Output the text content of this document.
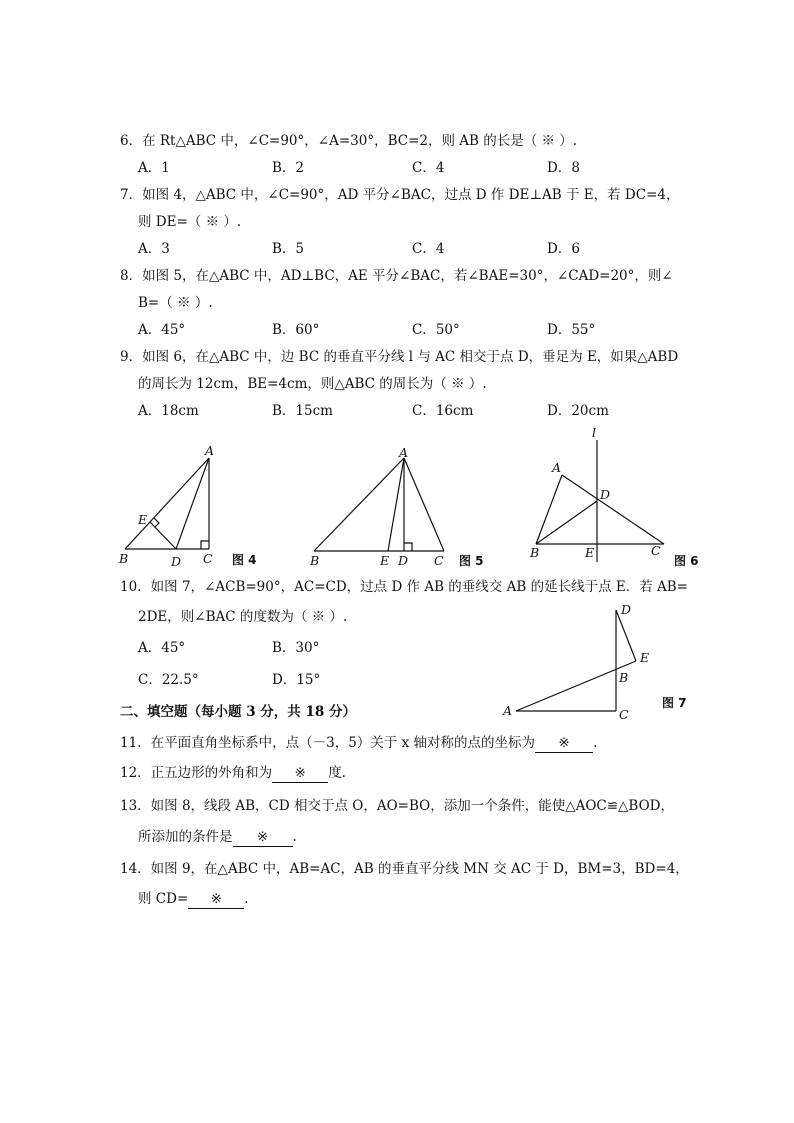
6．在 Rt△ABC 中，∠C=90°，∠A=30°，BC=2，则 AB 的长是（ ※ ）.
A．1	B．2	C．4	D．8
7．如图 4，△ABC 中，∠C=90°，AD 平分∠BAC，过点 D 作 DE⊥AB 于 E，若 DC=4，
则 DE=（ ※ ）.
A．3	B．5	C．4	D．6
8．如图 5，在△ABC 中，AD⊥BC，AE 平分∠BAC，若∠BAE=30°，∠CAD=20°，则∠
B=（ ※ ）.
A．45°	B．60°	C．50°	D．55°
9．如图 6，在△ABC 中，边 BC 的垂直平分线 l 与 AC 相交于点 D，垂足为 E，如果△ABD
的周长为 12cm，BE=4cm，则△ABC 的周长为（ ※ ）.
A．18cm	B．15cm	C．16cm	D．20cm
A
B	C
D
E
图 4
A
B	E D C 图 5
l
A
D
B	E	C
图 6
D
E
B
A	C
图 7
10．如图 7，∠ACB=90°，AC=CD，过点 D 作 AB 的垂线交 AB 的延长线于点 E．若 AB=
2DE，则∠BAC 的度数为（ ※ ）.
A．45°	B．30°
C．22.5°	D．15°
二、填空题（每小题 3 分，共 18 分）
11．在平面直角坐标系中，点（－3，5）关于 x 轴对称的点的坐标为 ※ .
12．正五边形的外角和为 ※ 度.
13．如图 8，线段 AB，CD 相交于点 O，AO=BO，添加一个条件，能使△AOC≌△BOD，
所添加的条件是 ※ .
14．如图 9，在△ABC 中，AB=AC，AB 的垂直平分线 MN 交 AC 于 D，BM=3，BD=4，
则 CD= ※ .
